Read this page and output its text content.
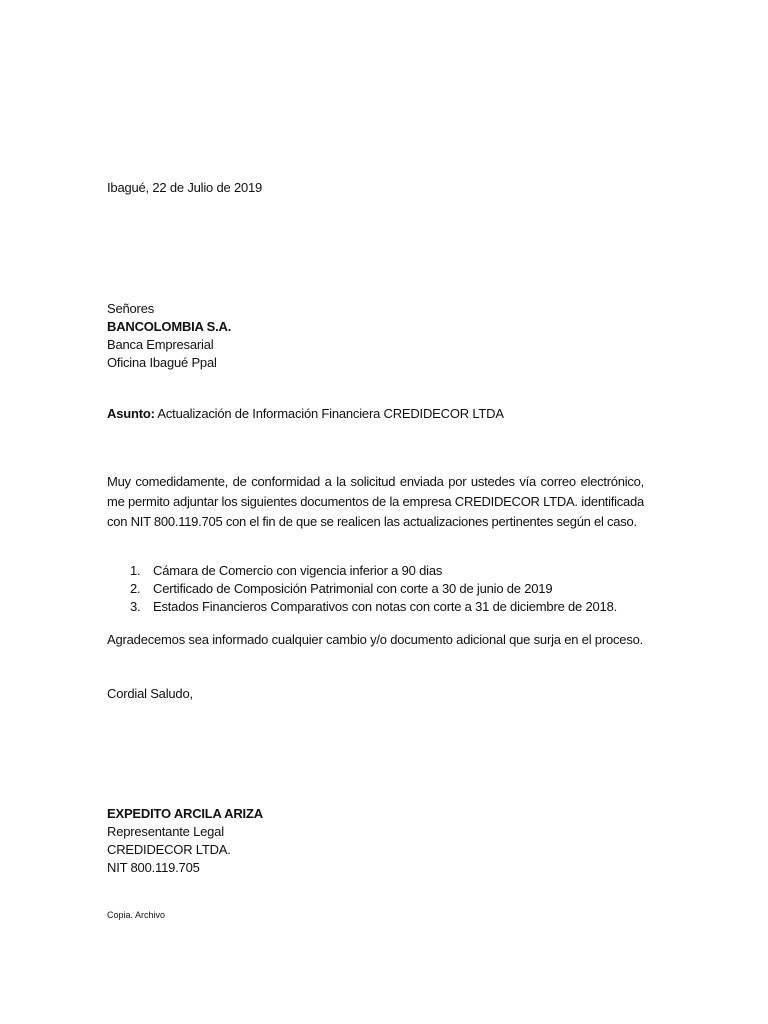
Ibagué, 22 de Julio de 2019
Señores
BANCOLOMBIA S.A.
Banca Empresarial
Oficina Ibagué Ppal
Asunto: Actualización de Información Financiera CREDIDECOR LTDA
Muy comedidamente, de conformidad a la solicitud enviada por ustedes vía correo electrónico, me permito adjuntar los siguientes documentos de la empresa CREDIDECOR LTDA. identificada con NIT 800.119.705 con el fin de que se realicen las actualizaciones pertinentes según el caso.
1. Cámara de Comercio con vigencia inferior a 90 dias
2. Certificado de Composición Patrimonial con corte a 30 de junio de 2019
3. Estados Financieros Comparativos con notas con corte a 31 de diciembre de 2018.
Agradecemos sea informado cualquier cambio y/o documento adicional que surja en el proceso.
Cordial Saludo,
EXPEDITO ARCILA ARIZA
Representante Legal
CREDIDECOR LTDA.
NIT 800.119.705
Copia. Archivo
